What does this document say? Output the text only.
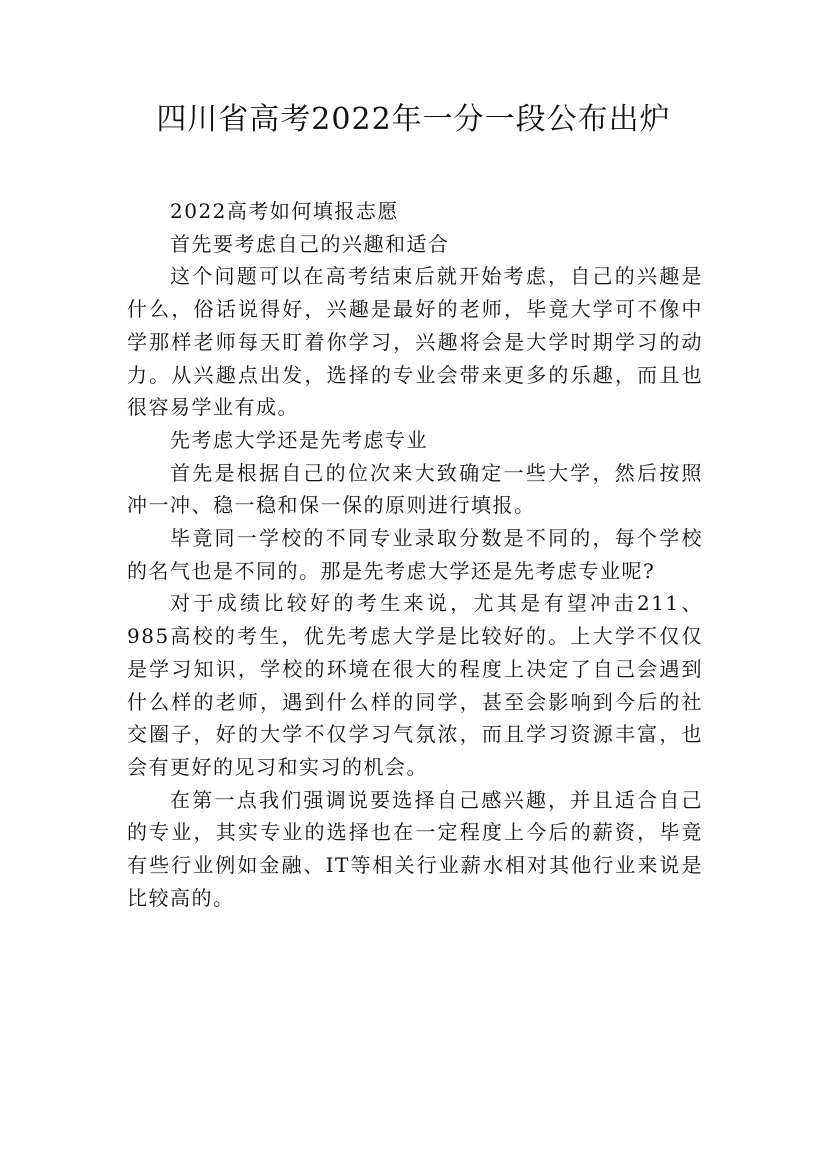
四川省高考2022年一分一段公布出炉

2022高考如何填报志愿

首先要考虑自己的兴趣和适合

这个问题可以在高考结束后就开始考虑，自己的兴趣是什么，俗话说得好，兴趣是最好的老师，毕竟大学可不像中学那样老师每天盯着你学习，兴趣将会是大学时期学习的动力。从兴趣点出发，选择的专业会带来更多的乐趣，而且也很容易学业有成。

先考虑大学还是先考虑专业

首先是根据自己的位次来大致确定一些大学，然后按照冲一冲、稳一稳和保一保的原则进行填报。

毕竟同一学校的不同专业录取分数是不同的，每个学校的名气也是不同的。那是先考虑大学还是先考虑专业呢?

对于成绩比较好的考生来说，尤其是有望冲击211、985高校的考生，优先考虑大学是比较好的。上大学不仅仅是学习知识，学校的环境在很大的程度上决定了自己会遇到什么样的老师，遇到什么样的同学，甚至会影响到今后的社交圈子，好的大学不仅学习气氛浓，而且学习资源丰富，也会有更好的见习和实习的机会。

在第一点我们强调说要选择自己感兴趣，并且适合自己的专业，其实专业的选择也在一定程度上今后的薪资，毕竟有些行业例如金融、IT等相关行业薪水相对其他行业来说是比较高的。
